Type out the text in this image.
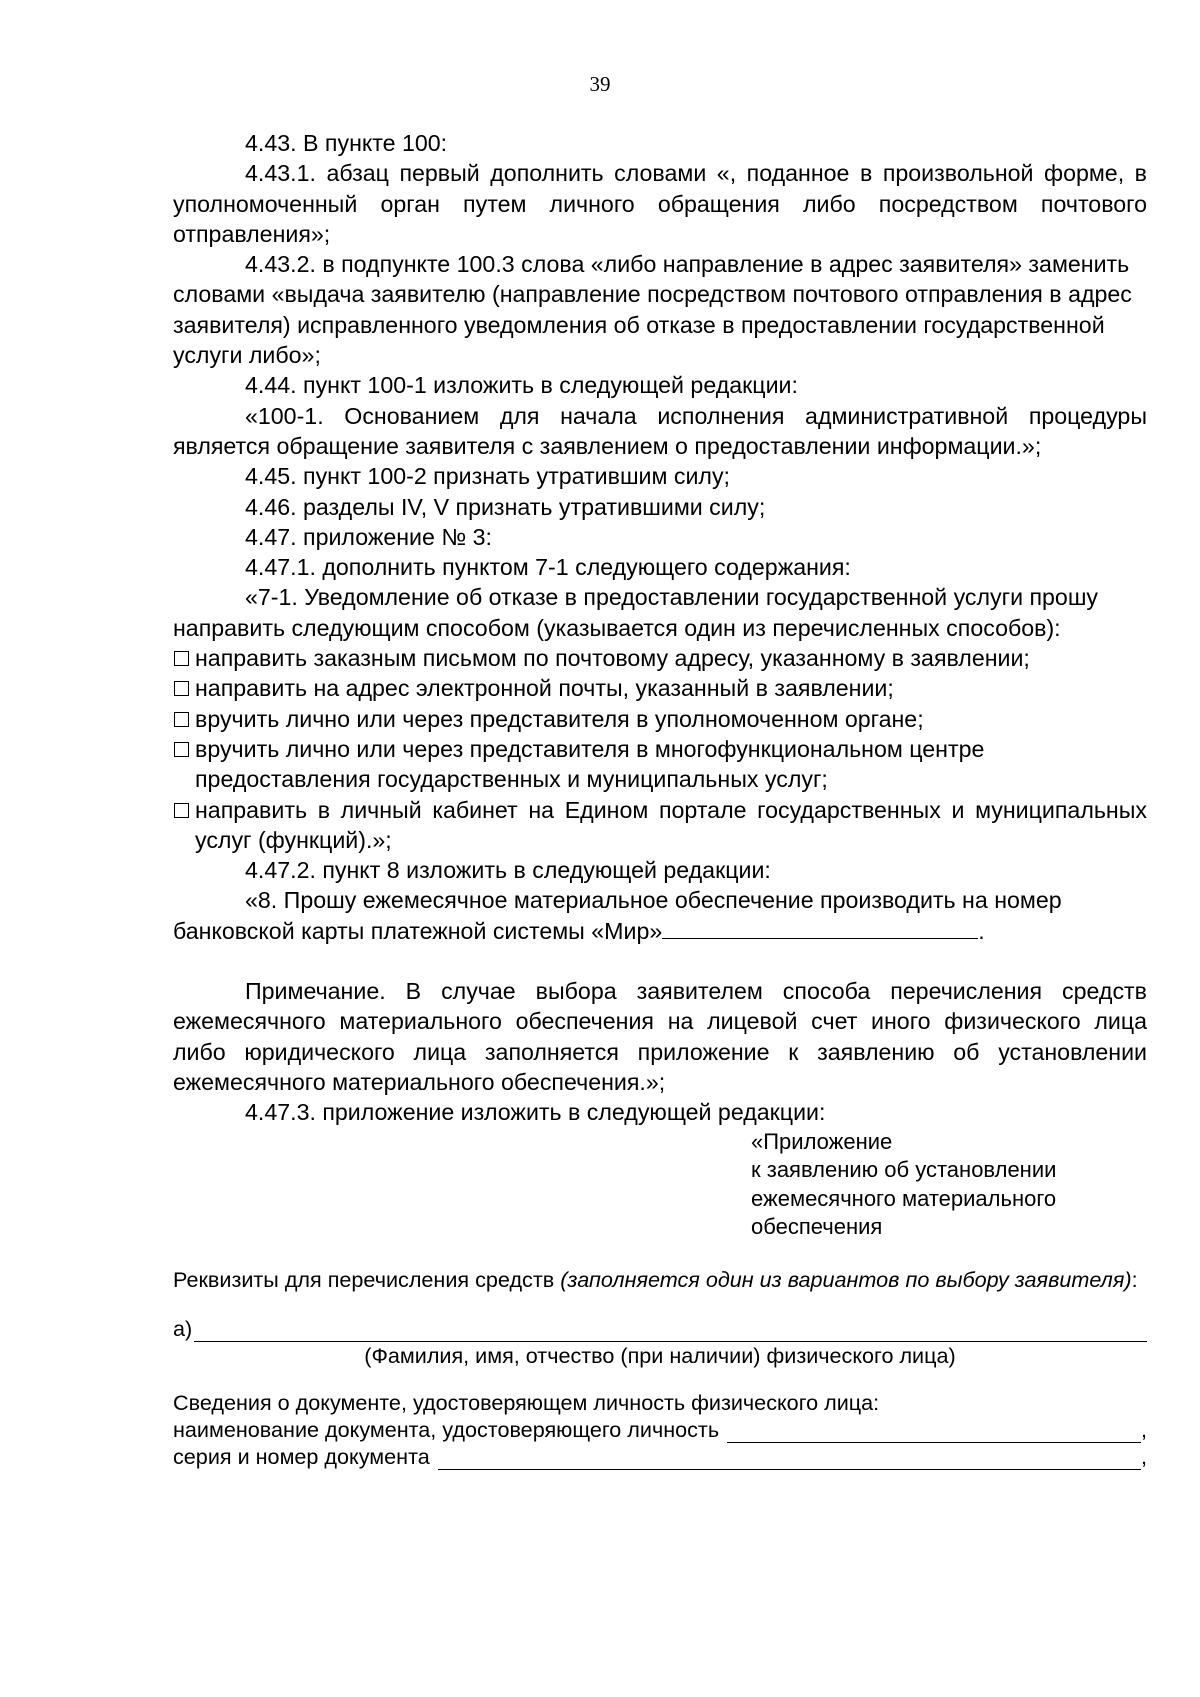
39

4.43. В пункте 100:

4.43.1. абзац первый дополнить словами «, поданное в произвольной форме, в уполномоченный орган путем личного обращения либо посредством почтового отправления»;

4.43.2. в подпункте 100.3 слова «либо направление в адрес заявителя» заменить словами «выдача заявителю (направление посредством почтового отправления в адрес заявителя) исправленного уведомления об отказе в предоставлении государственной услуги либо»;

4.44. пункт 100-1 изложить в следующей редакции:

«100-1. Основанием для начала исполнения административной процедуры является обращение заявителя с заявлением о предоставлении информации.»;

4.45. пункт 100-2 признать утратившим силу;

4.46. разделы IV, V признать утратившими силу;

4.47. приложение № 3:

4.47.1. дополнить пунктом 7-1 следующего содержания:

«7-1. Уведомление об отказе в предоставлении государственной услуги прошу направить следующим способом (указывается один из перечисленных способов):

направить заказным письмом по почтовому адресу, указанному в заявлении;
направить на адрес электронной почты, указанный в заявлении;
вручить лично или через представителя в уполномоченном органе;
вручить лично или через представителя в многофункциональном центре предоставления государственных и муниципальных услуг;
направить в личный кабинет на Едином портале государственных и муниципальных услуг (функций).»;

4.47.2. пункт 8 изложить в следующей редакции:

«8. Прошу ежемесячное материальное обеспечение производить на номер банковской карты платежной системы «Мир»	.

Примечание. В случае выбора заявителем способа перечисления средств ежемесячного материального обеспечения на лицевой счет иного физического лица либо юридического лица заполняется приложение к заявлению об установлении ежемесячного материального обеспечения.»;

4.47.3. приложение изложить в следующей редакции:

«Приложение
к заявлению об установлении
ежемесячного материального
обеспечения

Реквизиты для перечисления средств (заполняется один из вариантов по выбору заявителя):

а)

(Фамилия, имя, отчество (при наличии) физического лица)

Сведения о документе, удостоверяющем личность физического лица:

наименование документа, удостоверяющего личность	,
серия и номер документа	,
